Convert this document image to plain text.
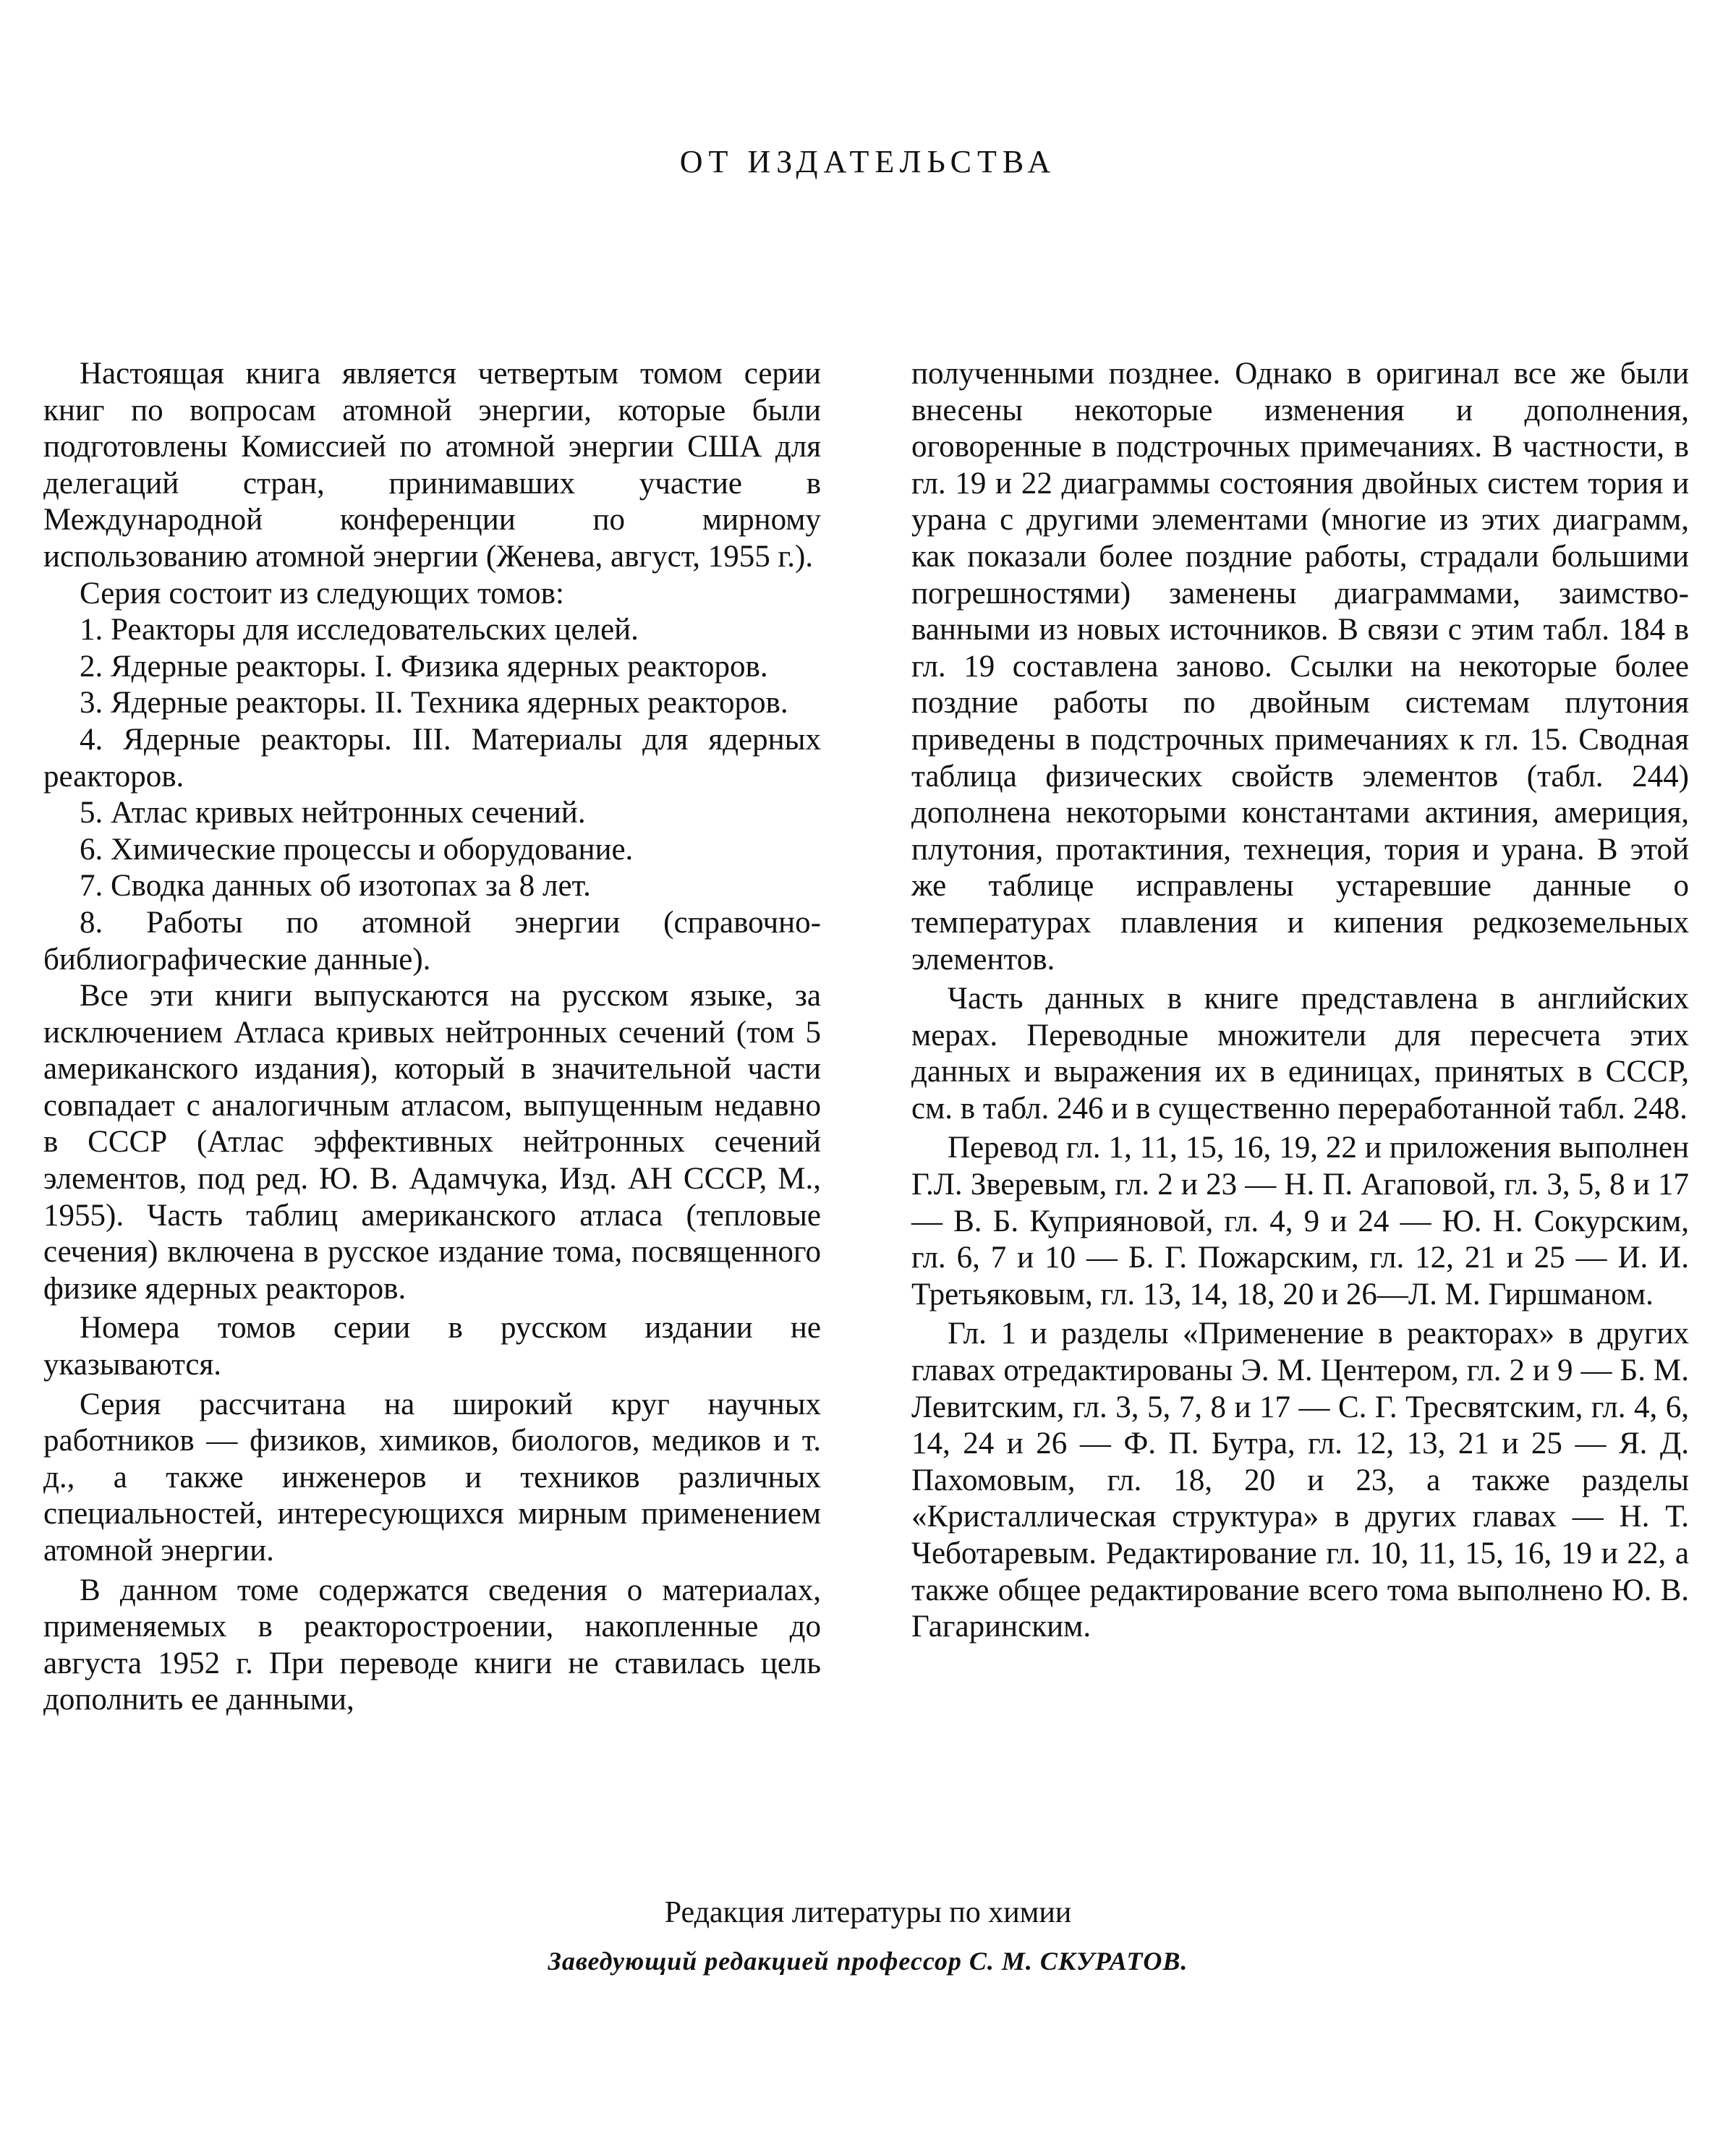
ОТ ИЗДАТЕЛЬСТВА

Настоящая книга является четвертым томом серии книг по вопросам атомной энергии, которые были подготовлены Комиссией по атомной энергии США для делегаций стран, принимавших участие в Международной конференции по мирному использованию атомной энергии (Женева, август, 1955 г.).

Серия состоит из следующих томов:

1. Реакторы для исследовательских целей.

2. Ядерные реакторы. I. Физика ядерных реакторов.

3. Ядерные реакторы. II. Техника ядерных реакторов.

4. Ядерные реакторы. III. Материалы для ядерных реакторов.

5. Атлас кривых нейтронных сечений.

6. Химические процессы и оборудование.

7. Сводка данных об изотопах за 8 лет.

8. Работы по атомной энергии (справочно-библиографические данные).

Все эти книги выпускаются на русском языке, за исключением Атласа кривых нейтронных сечений (том 5 американского издания), который в значительной части совпадает с аналогичным атласом, выпущенным недавно в СССР (Атлас эффективных нейтронных сечений элементов, под ред. Ю. В. Адамчука, Изд. АН СССР, М., 1955). Часть таблиц американского атласа (тепловые сечения) включена в русское издание тома, посвященного физике ядерных реакторов.

Номера томов серии в русском издании не указываются.

Серия рассчитана на широкий круг научных работников — физиков, химиков, биологов, медиков и т. д., а также инженеров и техников различных специальностей, интересующихся мирным применением атомной энергии.

В данном томе содержатся сведения о материалах, применяемых в реакторостроении, накопленные до августа 1952 г. При переводе книги не ставилась цель дополнить ее данными,

полученными позднее. Однако в оригинал все же были внесены некоторые изменения и дополнения, оговоренные в подстрочных примечаниях. В частности, в гл. 19 и 22 диаграммы состояния двойных систем тория и урана с другими элементами (многие из этих диаграмм, как показали более поздние работы, страдали большими погрешностями) заменены диаграммами, заимствованными из новых источников. В связи с этим табл. 184 в гл. 19 составлена заново. Ссылки на некоторые более поздние работы по двойным системам плутония приведены в подстрочных примечаниях к гл. 15. Сводная таблица физических свойств элементов (табл. 244) дополнена некоторыми константами актиния, америция, плутония, протактиния, технеция, тория и урана. В этой же таблице исправлены устаревшие данные о температурах плавления и кипения редкоземельных элементов.

Часть данных в книге представлена в английских мерах. Переводные множители для пересчета этих данных и выражения их в единицах, принятых в СССР, см. в табл. 246 и в существенно переработанной табл. 248.

Перевод гл. 1, 11, 15, 16, 19, 22 и приложения выполнен Г.Л. Зверевым, гл. 2 и 23 — Н. П. Агаповой, гл. 3, 5, 8 и 17 — В. Б. Куприяновой, гл. 4, 9 и 24 — Ю. Н. Сокурским, гл. 6, 7 и 10 — Б. Г. Пожарским, гл. 12, 21 и 25 — И. И. Третьяковым, гл. 13, 14, 18, 20 и 26—Л. М. Гиршманом.

Гл. 1 и разделы «Применение в реакторах» в других главах отредактированы Э. М. Центером, гл. 2 и 9 — Б. М. Левитским, гл. 3, 5, 7, 8 и 17 — С. Г. Тресвятским, гл. 4, 6, 14, 24 и 26 — Ф. П. Бутра, гл. 12, 13, 21 и 25 — Я. Д. Пахомовым, гл. 18, 20 и 23, а также разделы «Кристаллическая структура» в других главах — Н. Т. Чеботаревым. Редактирование гл. 10, 11, 15, 16, 19 и 22, а также общее редактирование всего тома выполнено Ю. В. Гагаринским.

Редакция литературы по химии
Заведующий редакцией профессор С. М. СКУРАТОВ.
